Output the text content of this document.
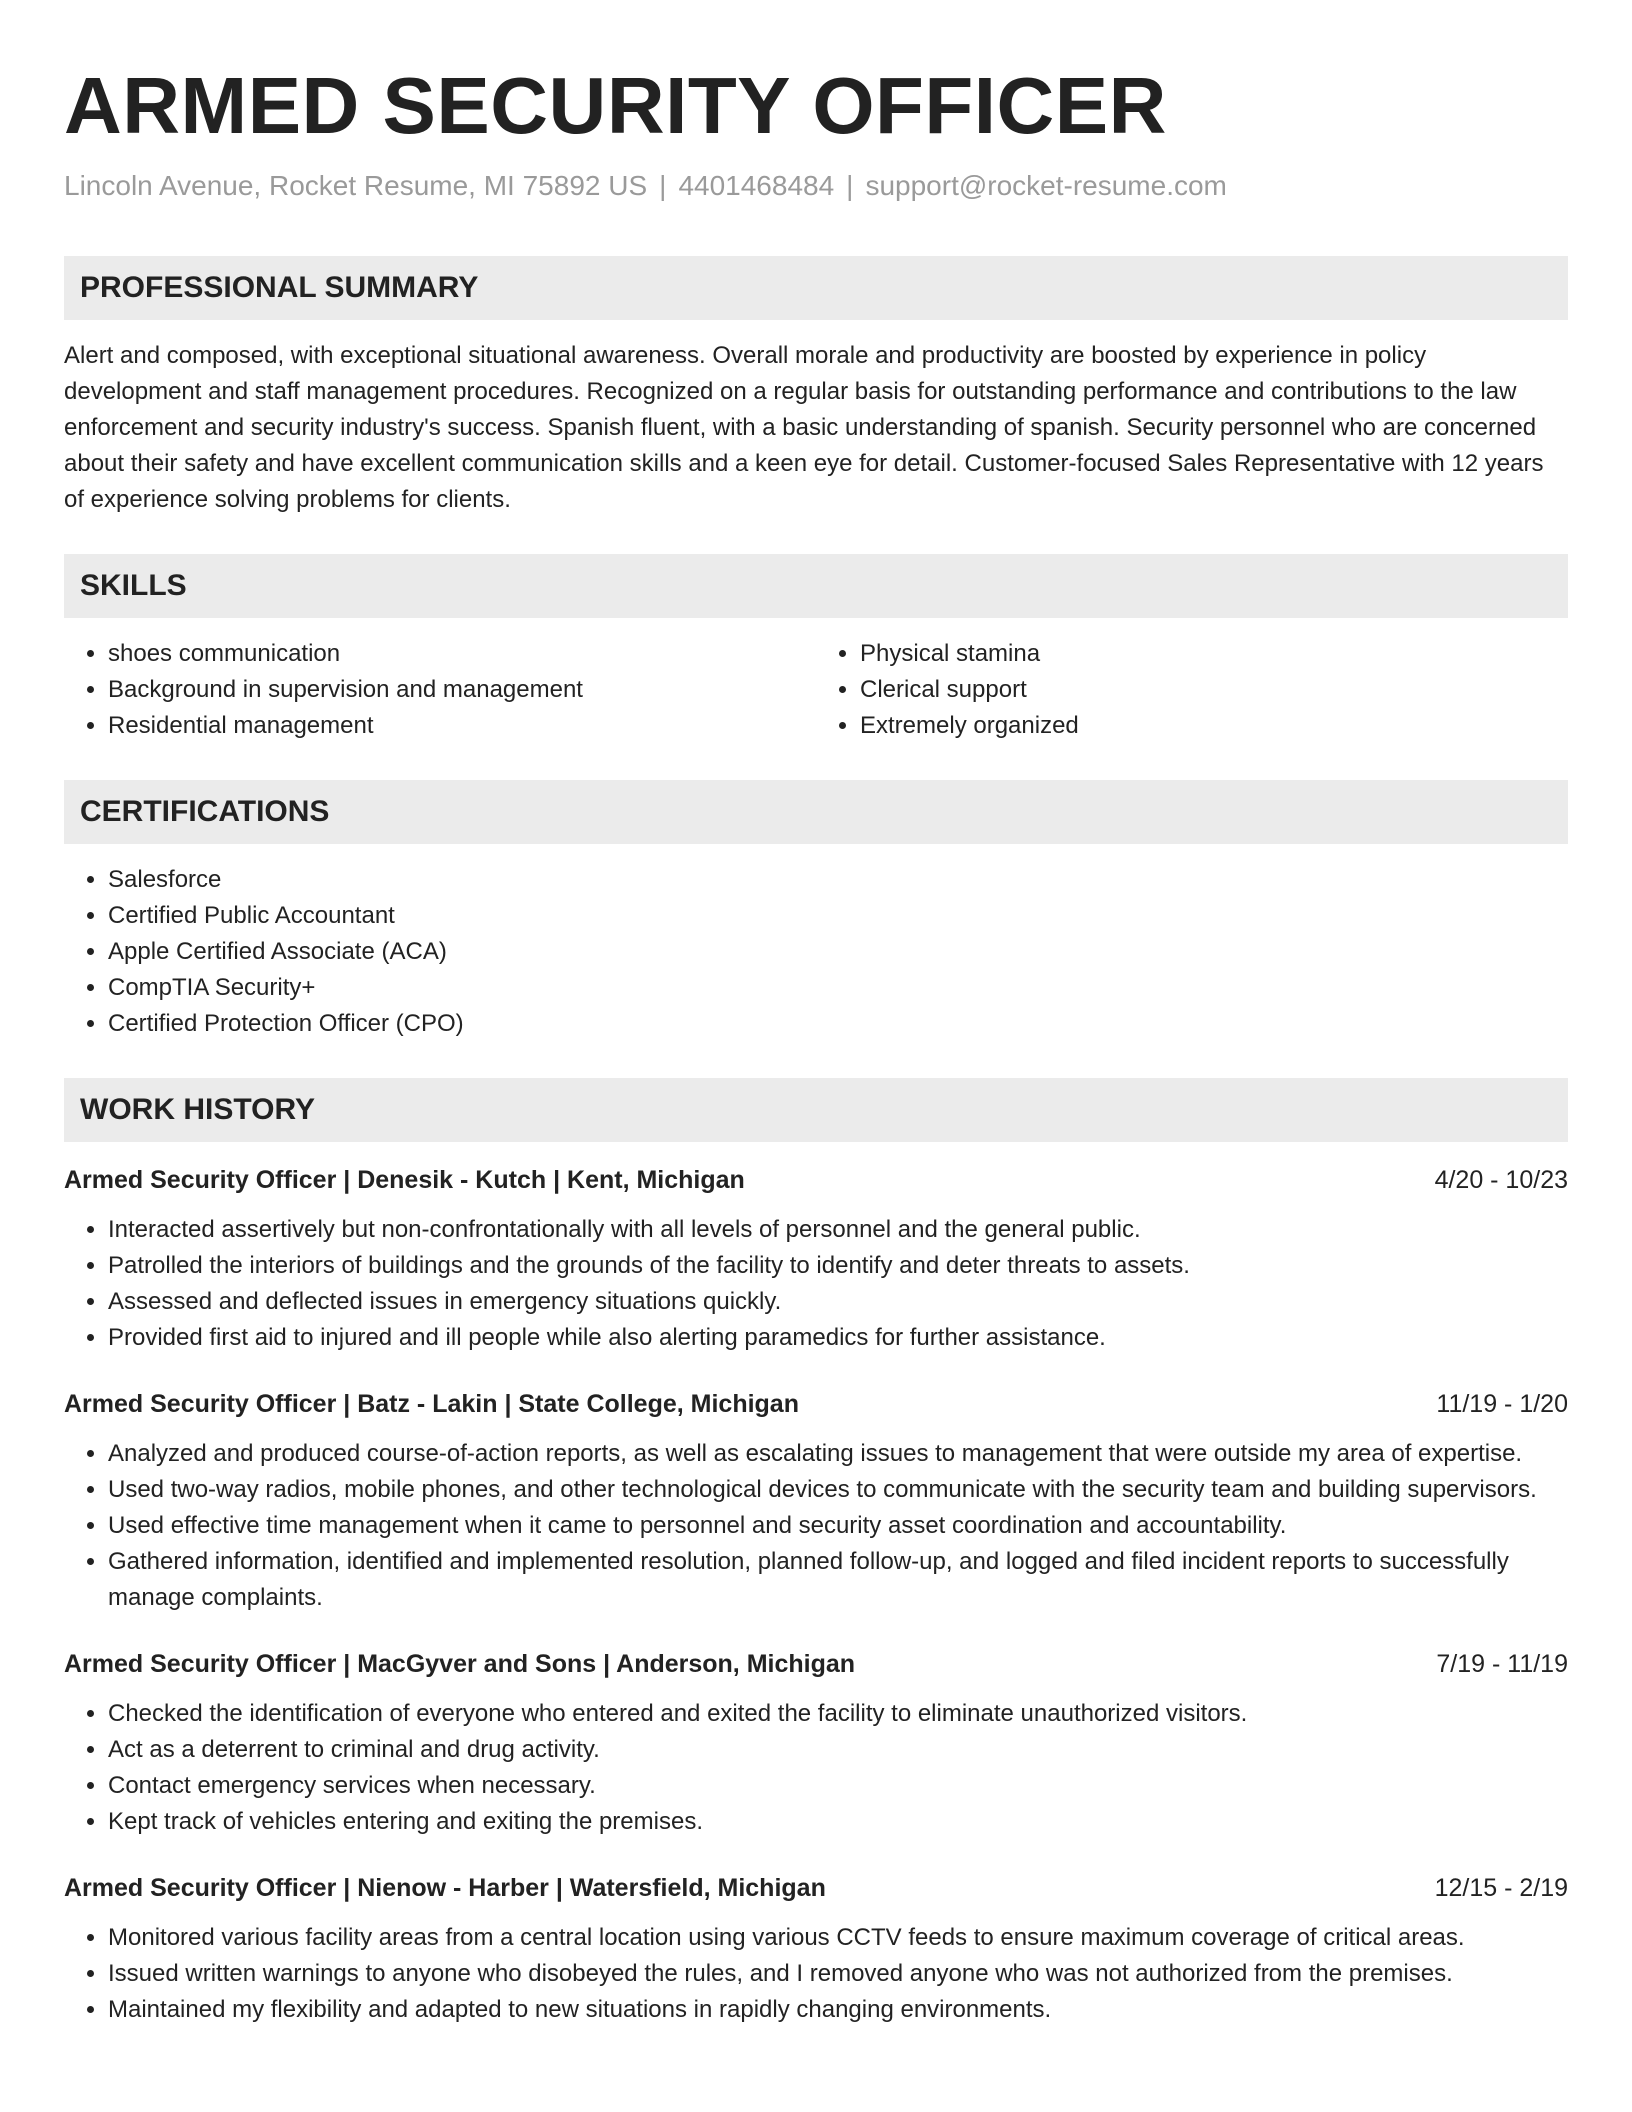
ARMED SECURITY OFFICER
Lincoln Avenue, Rocket Resume, MI 75892 US | 4401468484 | support@rocket-resume.com
PROFESSIONAL SUMMARY

Alert and composed, with exceptional situational awareness. Overall morale and productivity are boosted by experience in policy development and staff management procedures. Recognized on a regular basis for outstanding performance and contributions to the law enforcement and security industry's success. Spanish fluent, with a basic understanding of spanish. Security personnel who are concerned about their safety and have excellent communication skills and a keen eye for detail. Customer-focused Sales Representative with 12 years of experience solving problems for clients.

SKILLS
• shoes communication
• Background in supervision and management
• Residential management
• Physical stamina
• Clerical support
• Extremely organized
CERTIFICATIONS
• Salesforce
• Certified Public Accountant
• Apple Certified Associate (ACA)
• CompTIA Security+
• Certified Protection Officer (CPO)
WORK HISTORY
Armed Security Officer | Denesik - Kutch | Kent, Michigan	4/20 - 10/23
• Interacted assertively but non-confrontationally with all levels of personnel and the general public.
• Patrolled the interiors of buildings and the grounds of the facility to identify and deter threats to assets.
• Assessed and deflected issues in emergency situations quickly.
• Provided first aid to injured and ill people while also alerting paramedics for further assistance.
Armed Security Officer | Batz - Lakin | State College, Michigan	11/19 - 1/20
• Analyzed and produced course-of-action reports, as well as escalating issues to management that were outside my area of expertise.
• Used two-way radios, mobile phones, and other technological devices to communicate with the security team and building supervisors.
• Used effective time management when it came to personnel and security asset coordination and accountability.
• Gathered information, identified and implemented resolution, planned follow-up, and logged and filed incident reports to successfully manage complaints.
Armed Security Officer | MacGyver and Sons | Anderson, Michigan	7/19 - 11/19
• Checked the identification of everyone who entered and exited the facility to eliminate unauthorized visitors.
• Act as a deterrent to criminal and drug activity.
• Contact emergency services when necessary.
• Kept track of vehicles entering and exiting the premises.
Armed Security Officer | Nienow - Harber | Watersfield, Michigan	12/15 - 2/19
• Monitored various facility areas from a central location using various CCTV feeds to ensure maximum coverage of critical areas.
• Issued written warnings to anyone who disobeyed the rules, and I removed anyone who was not authorized from the premises.
• Maintained my flexibility and adapted to new situations in rapidly changing environments.
